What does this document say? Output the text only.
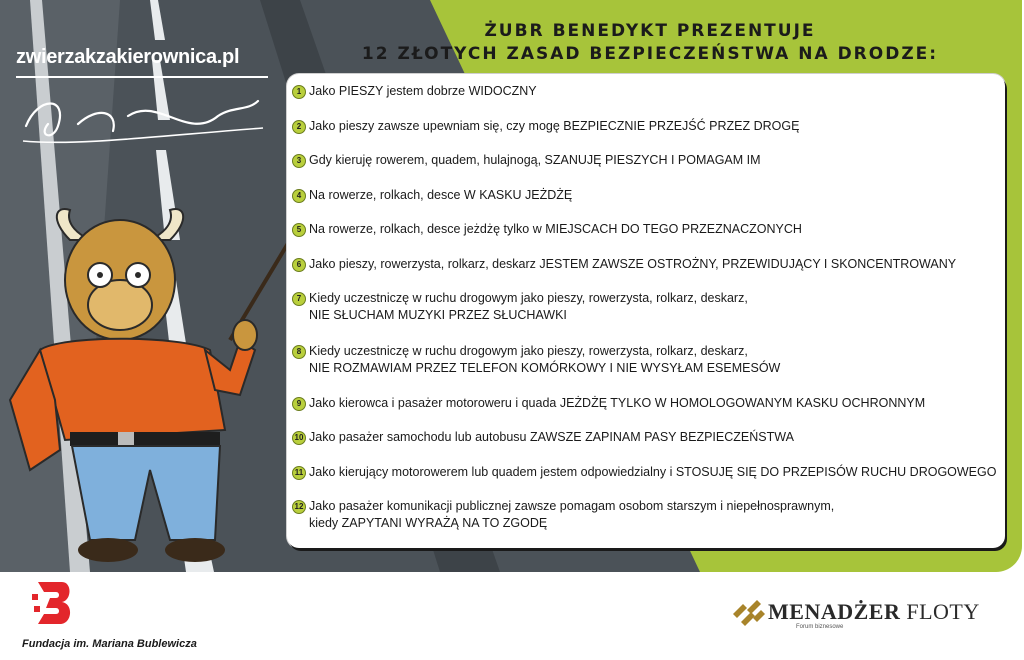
zwierzakzakierownica.pl
ŻUBR BENEDYKT PREZENTUJE
12 ZŁOTYCH ZASAD BEZPIECZEŃSTWA NA DRODZE:
1 Jako PIESZY jestem dobrze WIDOCZNY
2 Jako pieszy zawsze upewniam się, czy mogę BEZPIECZNIE PRZEJŚĆ PRZEZ DROGĘ
3 Gdy kieruję rowerem, quadem, hulajnogą, SZANUJĘ PIESZYCH I POMAGAM IM
4 Na rowerze, rolkach, desce W KASKU JEŻDŻĘ
5 Na rowerze, rolkach, desce jeżdżę tylko w MIEJSCACH DO TEGO PRZEZNACZONYCH
6 Jako pieszy, rowerzysta, rolkarz, deskarz JESTEM ZAWSZE OSTROŻNY, PRZEWIDUJĄCY I SKONCENTROWANY
7 Kiedy uczestniczę w ruchu drogowym jako pieszy, rowerzysta, rolkarz, deskarz,
NIE SŁUCHAM MUZYKI PRZEZ SŁUCHAWKI
8 Kiedy uczestniczę w ruchu drogowym jako pieszy, rowerzysta, rolkarz, deskarz,
NIE ROZMAWIAM PRZEZ TELEFON KOMÓRKOWY I NIE WYSYŁAM ESEMESÓW
9 Jako kierowca i pasażer motoroweru i quada JEŻDŻĘ TYLKO W HOMOLOGOWANYM KASKU OCHRONNYM
10 Jako pasażer samochodu lub autobusu ZAWSZE ZAPINAM PASY BEZPIECZEŃSTWA
11 Jako kierujący motorowerem lub quadem jestem odpowiedzialny i STOSUJĘ SIĘ DO PRZEPISÓW RUCHU DROGOWEGO
12 Jako pasażer komunikacji publicznej zawsze pomagam osobom starszym i niepełnosprawnym,
kiedy ZAPYTANI WYRAŻĄ NA TO ZGODĘ
Fundacja im. Mariana Bublewicza
MENADŻER FLOTY
Forum biznesowe
